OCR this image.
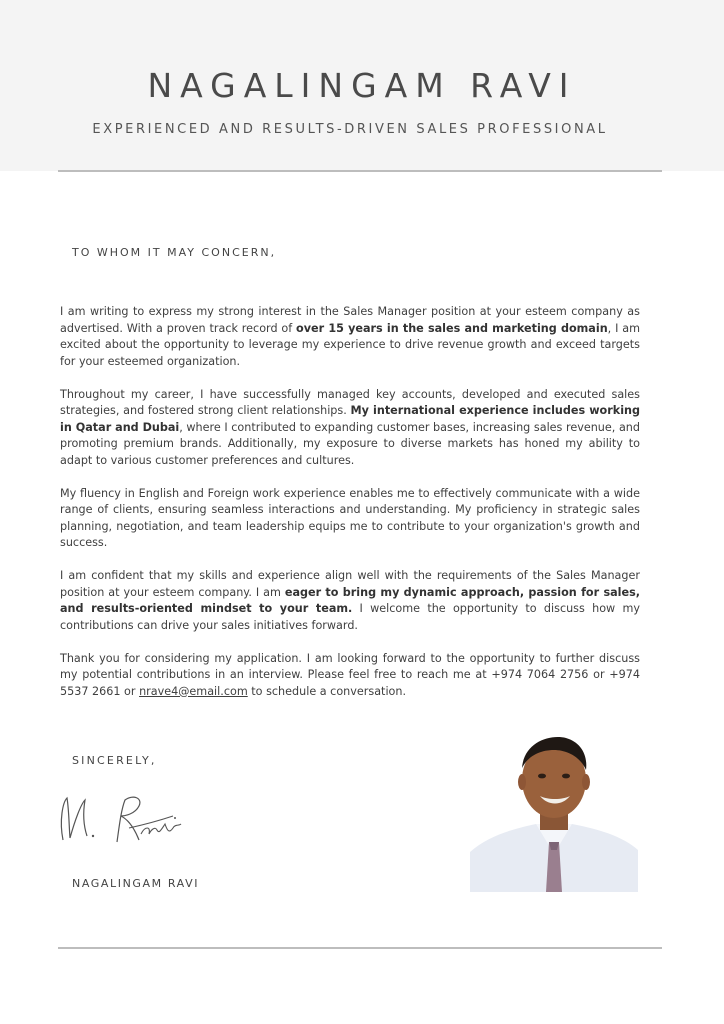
NAGALINGAM RAVI
EXPERIENCED AND RESULTS-DRIVEN SALES PROFESSIONAL
TO WHOM IT MAY CONCERN,

I am writing to express my strong interest in the Sales Manager position at your esteem company as advertised. With a proven track record of over 15 years in the sales and marketing domain, I am excited about the opportunity to leverage my experience to drive revenue growth and exceed targets for your esteemed organization.

Throughout my career, I have successfully managed key accounts, developed and executed sales strategies, and fostered strong client relationships. My international experience includes working in Qatar and Dubai, where I contributed to expanding customer bases, increasing sales revenue, and promoting premium brands. Additionally, my exposure to diverse markets has honed my ability to adapt to various customer preferences and cultures.

My fluency in English and Foreign work experience enables me to effectively communicate with a wide range of clients, ensuring seamless interactions and understanding. My proficiency in strategic sales planning, negotiation, and team leadership equips me to contribute to your organization's growth and success.

I am confident that my skills and experience align well with the requirements of the Sales Manager position at your esteem company. I am eager to bring my dynamic approach, passion for sales, and results-oriented mindset to your team. I welcome the opportunity to discuss how my contributions can drive your sales initiatives forward.

Thank you for considering my application. I am looking forward to the opportunity to further discuss my potential contributions in an interview. Please feel free to reach me at +974 7064 2756 or +974 5537 2661 or nrave4@email.com to schedule a conversation.

SINCERELY,
NAGALINGAM RAVI
